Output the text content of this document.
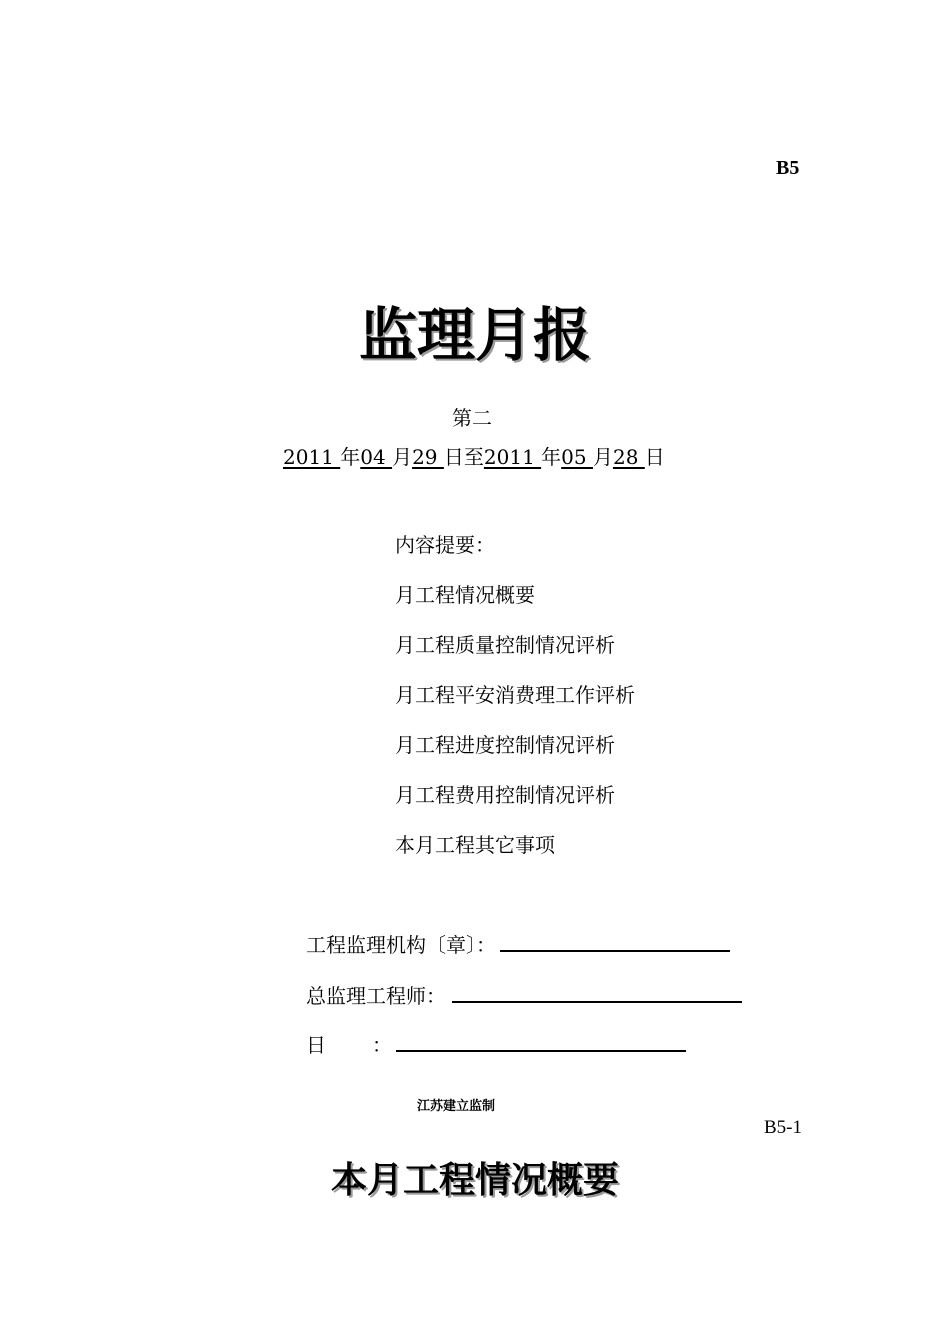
B5
监理月报
第二
2011 年04 月29 日至2011 年05 月28 日
内容提要：
月工程情况概要
月工程质量控制情况评析
月工程平安消费理工作评析
月工程进度控制情况评析
月工程费用控制情况评析
本月工程其它事项
工程监理机构〔章〕：
总监理工程师：
日 ：
江苏建立监制
B5-1
本月工程情况概要
